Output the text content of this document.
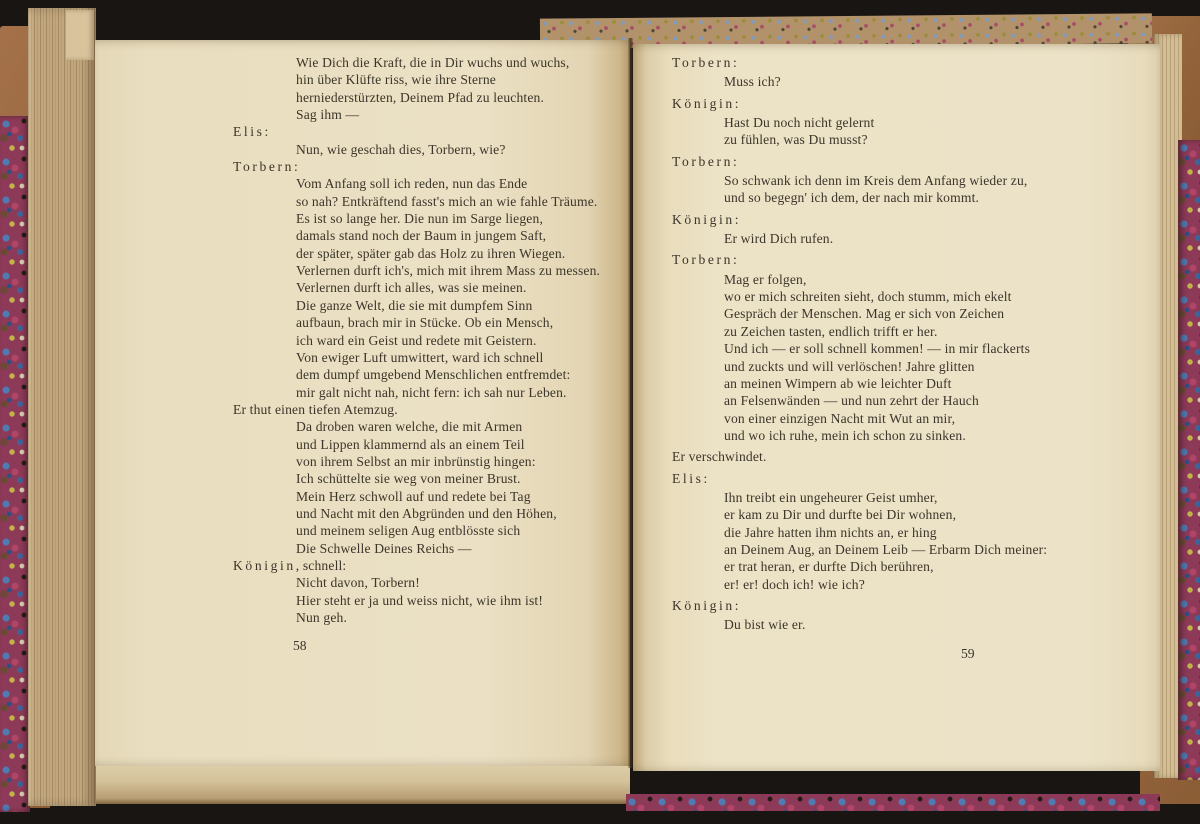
Wie Dich die Kraft, die in Dir wuchs und wuchs,
hin über Klüfte riss, wie ihre Sterne
herniederstürzten, Deinem Pfad zu leuchten.
Sag ihm —
Elis:
Nun, wie geschah dies, Torbern, wie?
Torbern:
Vom Anfang soll ich reden, nun das Ende
so nah? Entkräftend fasst's mich an wie fahle Träume.
Es ist so lange her. Die nun im Sarge liegen,
damals stand noch der Baum in jungem Saft,
der später, später gab das Holz zu ihren Wiegen.
Verlernen durft ich's, mich mit ihrem Mass zu messen.
Verlernen durft ich alles, was sie meinen.
Die ganze Welt, die sie mit dumpfem Sinn
aufbaun, brach mir in Stücke. Ob ein Mensch,
ich ward ein Geist und redete mit Geistern.
Von ewiger Luft umwittert, ward ich schnell
dem dumpf umgebend Menschlichen entfremdet:
mir galt nicht nah, nicht fern: ich sah nur Leben.
Er thut einen tiefen Atemzug.
Da droben waren welche, die mit Armen
und Lippen klammernd als an einem Teil
von ihrem Selbst an mir inbrünstig hingen:
Ich schüttelte sie weg von meiner Brust.
Mein Herz schwoll auf und redete bei Tag
und Nacht mit den Abgründen und den Höhen,
und meinem seligen Aug entblösste sich
Die Schwelle Deines Reichs —
Königin, schnell:
Nicht davon, Torbern!
Hier steht er ja und weiss nicht, wie ihm ist!
Nun geh.
58
Torbern:
Muss ich?
Königin:
Hast Du noch nicht gelernt
zu fühlen, was Du musst?
Torbern:
So schwank ich denn im Kreis dem Anfang wieder zu,
und so begegn' ich dem, der nach mir kommt.
Königin:
Er wird Dich rufen.
Torbern:
Mag er folgen,
wo er mich schreiten sieht, doch stumm, mich ekelt
Gespräch der Menschen. Mag er sich von Zeichen
zu Zeichen tasten, endlich trifft er her.
Und ich — er soll schnell kommen! — in mir flackerts
und zuckts und will verlöschen! Jahre glitten
an meinen Wimpern ab wie leichter Duft
an Felsenwänden — und nun zehrt der Hauch
von einer einzigen Nacht mit Wut an mir,
und wo ich ruhe, mein ich schon zu sinken.
Er verschwindet.
Elis:
Ihn treibt ein ungeheurer Geist umher,
er kam zu Dir und durfte bei Dir wohnen,
die Jahre hatten ihm nichts an, er hing
an Deinem Aug, an Deinem Leib — Erbarm Dich meiner:
er trat heran, er durfte Dich berühren,
er! er! doch ich! wie ich?
Königin:
Du bist wie er.
59
